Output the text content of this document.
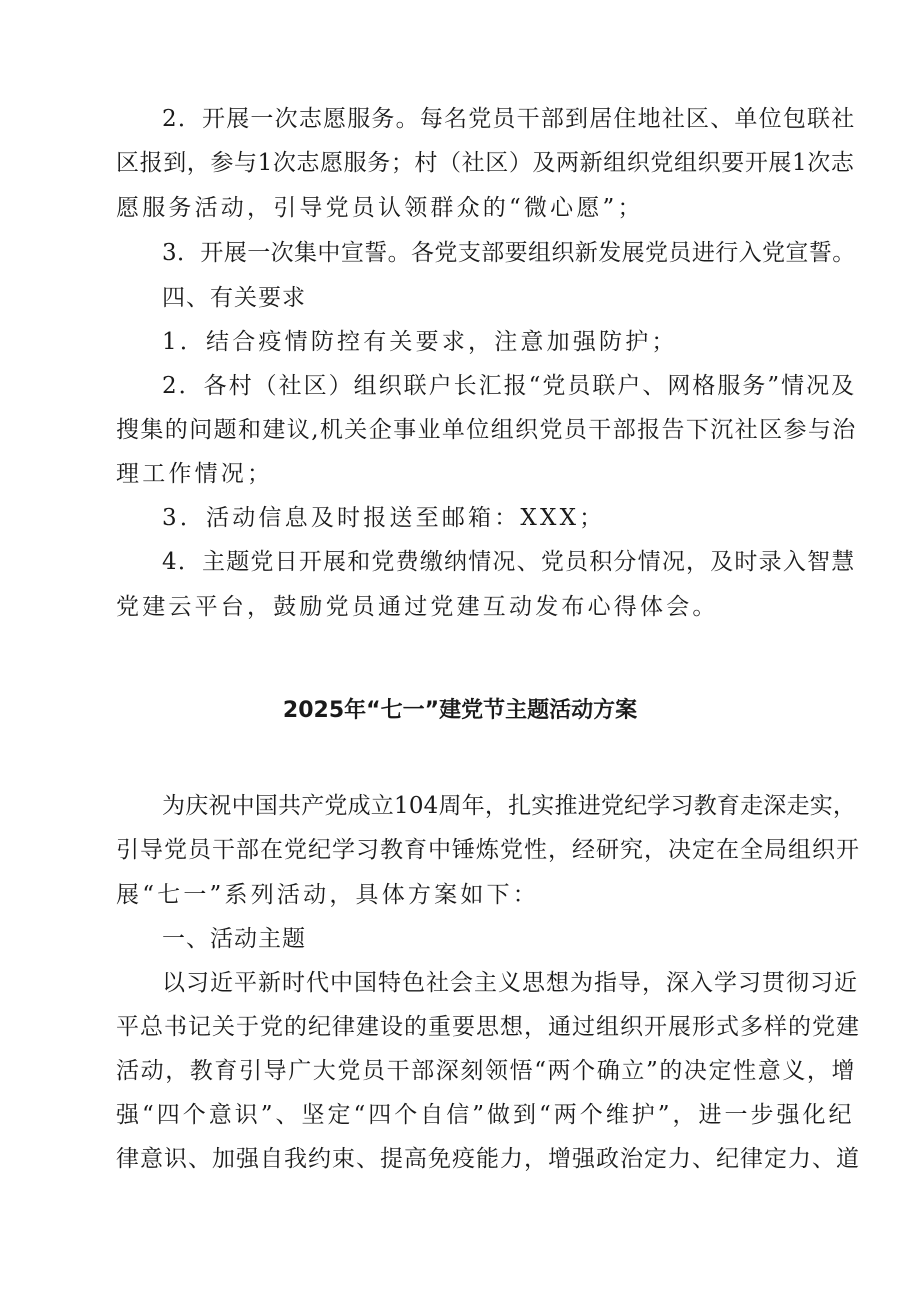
2．开展一次志愿服务。每名党员干部到居住地社区、单位包联社
区报到，参与1次志愿服务；村（社区）及两新组织党组织要开展1次志
愿服务活动，引导党员认领群众的“微心愿”；
3．开展一次集中宣誓。各党支部要组织新发展党员进行入党宣誓。
四、有关要求
1．结合疫情防控有关要求，注意加强防护；
2．各村（社区）组织联户长汇报“党员联户、网格服务”情况及
搜集的问题和建议,机关企事业单位组织党员干部报告下沉社区参与治
理工作情况；
3．活动信息及时报送至邮箱：XXX；
4．主题党日开展和党费缴纳情况、党员积分情况，及时录入智慧
党建云平台，鼓励党员通过党建互动发布心得体会。
2025年“七一”建党节主题活动方案
为庆祝中国共产党成立104周年，扎实推进党纪学习教育走深走实，
引导党员干部在党纪学习教育中锤炼党性，经研究，决定在全局组织开
展“七一”系列活动，具体方案如下：
一、活动主题
以习近平新时代中国特色社会主义思想为指导，深入学习贯彻习近
平总书记关于党的纪律建设的重要思想，通过组织开展形式多样的党建
活动，教育引导广大党员干部深刻领悟“两个确立”的决定性意义，增
强“四个意识”、坚定“四个自信”做到“两个维护”，进一步强化纪
律意识、加强自我约束、提高免疫能力，增强政治定力、纪律定力、道
